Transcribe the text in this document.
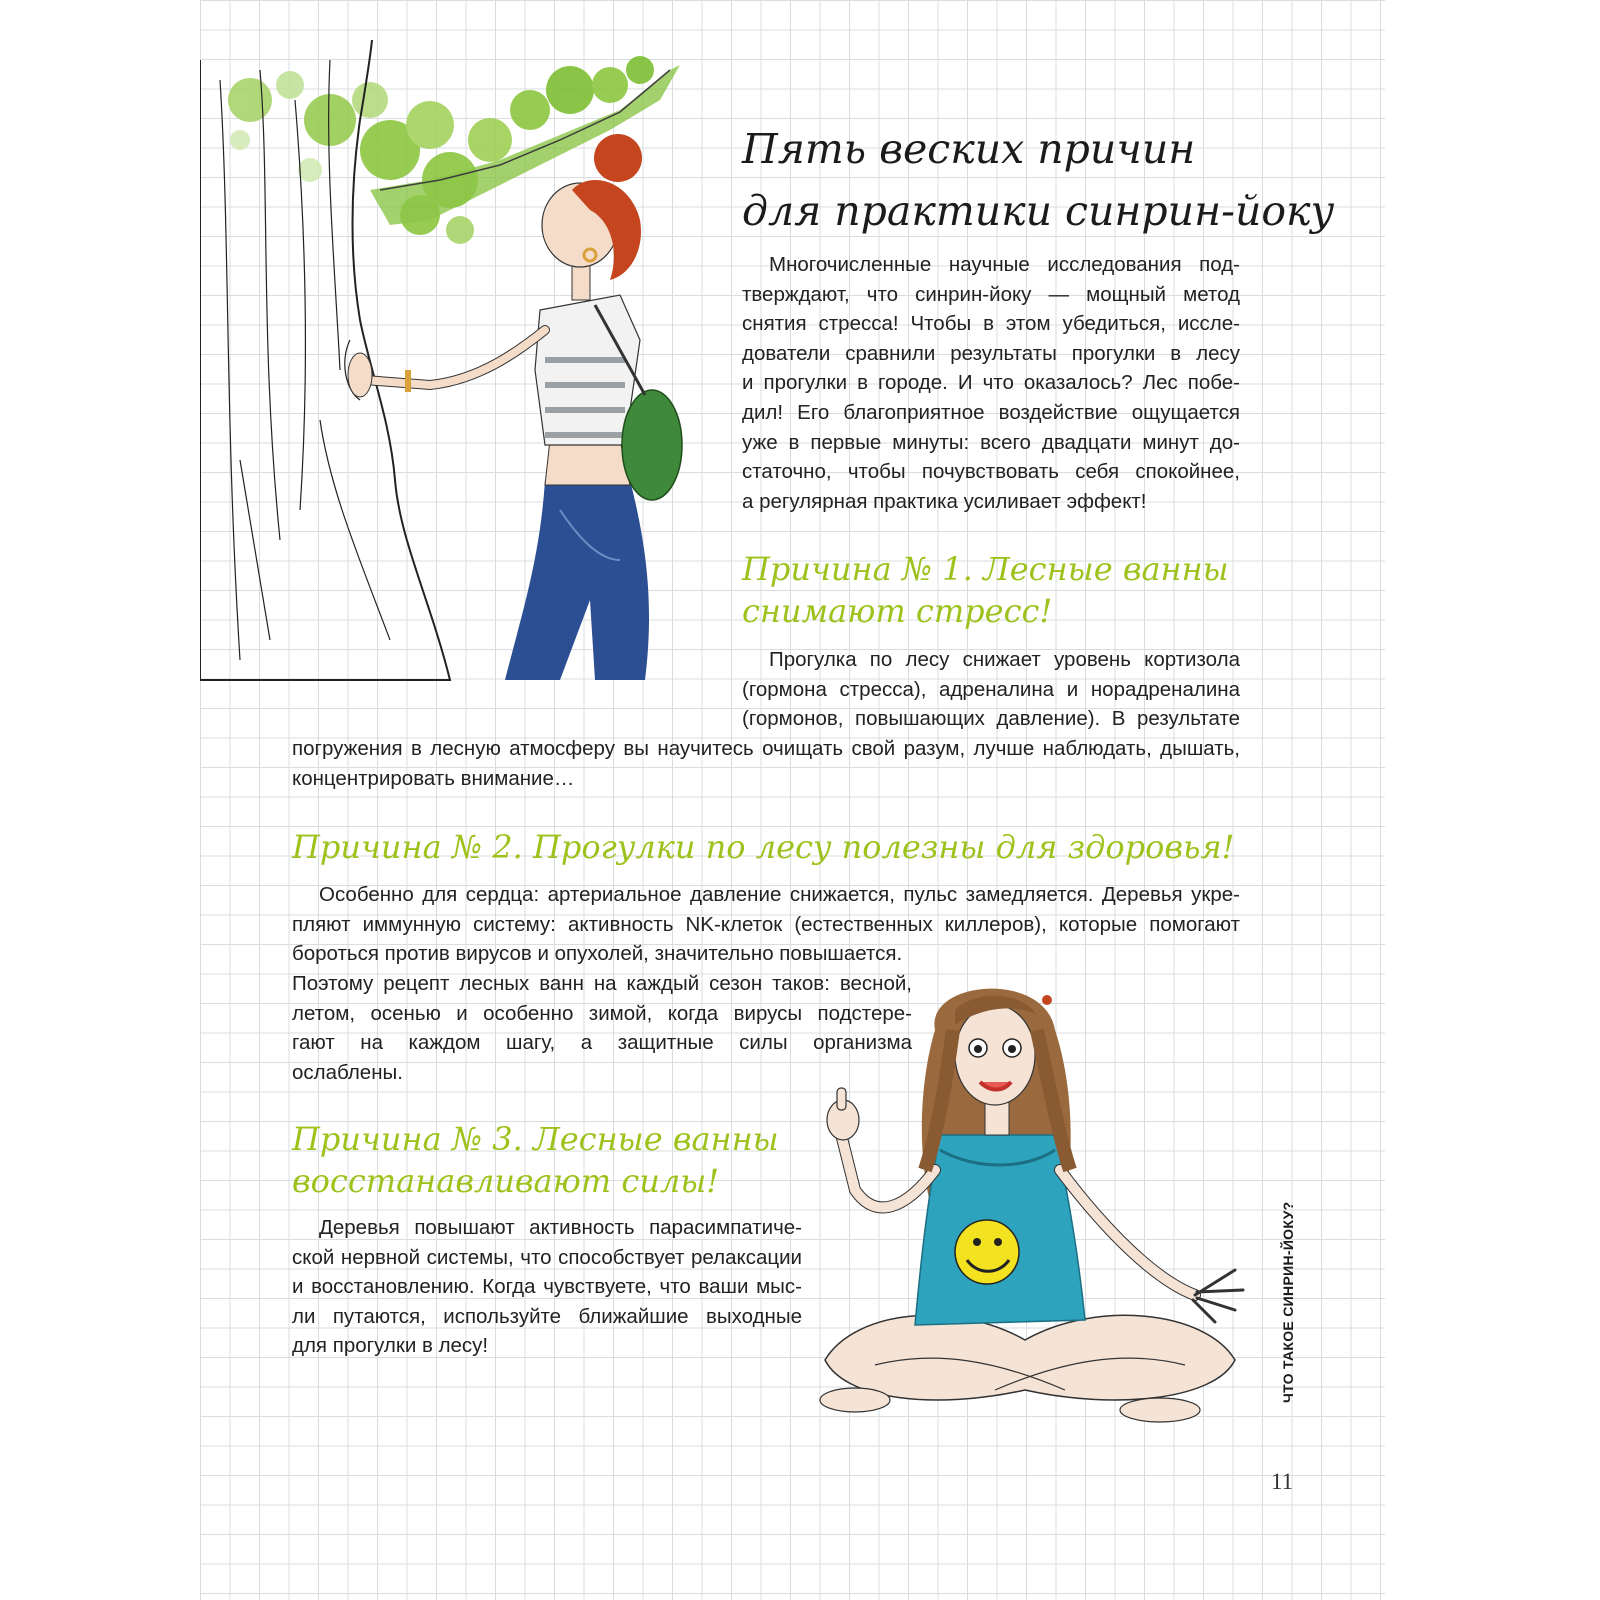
Пять веских причин
для практики синрин-йоку

Многочисленные научные исследования под-
тверждают, что синрин-йоку — мощный метод
снятия стресса! Чтобы в этом убедиться, иссле-
дователи сравнили результаты прогулки в лесу
и прогулки в городе. И что оказалось? Лес побе-
дил! Его благоприятное воздействие ощущается
уже в первые минуты: всего двадцати минут до-
статочно, чтобы почувствовать себя спокойнее,
а регулярная практика усиливает эффект!

Причина № 1. Лесные ванны
снимают стресс!

Прогулка по лесу снижает уровень кортизола
(гормона стресса), адреналина и норадреналина
(гормонов, повышающих давление). В результате

погружения в лесную атмосферу вы научитесь очищать свой разум, лучше наблюдать, дышать,
концентрировать внимание…

Причина № 2. Прогулки по лесу полезны для здоровья!

Особенно для сердца: артериальное давление снижается, пульс замедляется. Деревья укре-
пляют иммунную систему: активность NK-клеток (естественных киллеров), которые помогают
бороться против вирусов и опухолей, значительно повышается.

Поэтому рецепт лесных ванн на каждый сезон таков: весной,
летом, осенью и особенно зимой, когда вирусы подстере-
гают на каждом шагу, а защитные силы организма
ослаблены.

Причина № 3. Лесные ванны
восстанавливают силы!

Деревья повышают активность парасимпатиче-
ской нервной системы, что способствует релаксации
и восстановлению. Когда чувствуете, что ваши мыс-
ли путаются, используйте ближайшие выходные
для прогулки в лесу!	ЧТО ТАКОЕ СИНРИН-ЙОКУ?
11
